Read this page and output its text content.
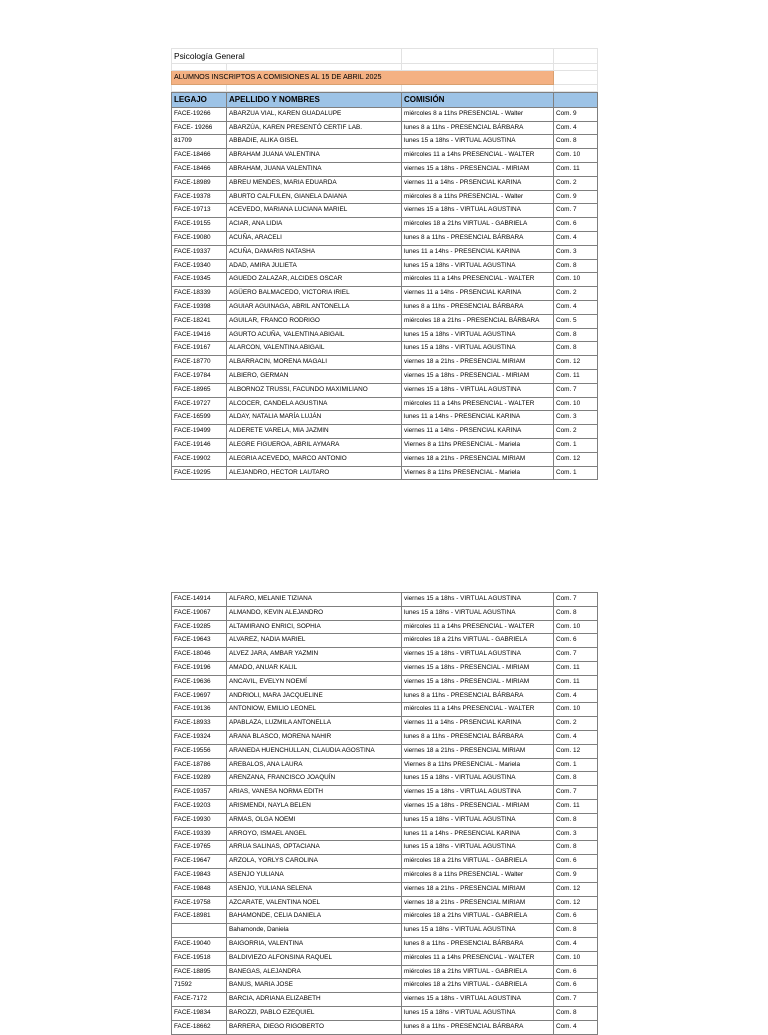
Psicología General			

ALUMNOS INSCRIPTOS A COMISIONES AL 15 DE ABRIL 2025			

LEGAJO	APELLIDO Y NOMBRES	COMISIÓN	
FACE-19266	ABARZUA VIAL, KAREN GUADALUPE	miércoles 8 a 11hs PRESENCIAL - Walter	Com. 9
FACE- 19266	ABARZÚA, KAREN PRESENTÓ CERTIF LAB.	lunes 8 a 11hs - PRESENCIAL BÁRBARA	Com. 4
81709	ABBADIE, ALIKA GISEL	lunes 15 a 18hs - VIRTUAL AGUSTINA	Com. 8
FACE-18466	ABRAHAM JUANA VALENTINA	miércoles 11 a 14hs PRESENCIAL - WALTER	Com. 10
FACE-18466	ABRAHAM, JUANA VALENTINA	viernes 15 a 18hs - PRESENCIAL - MIRIAM	Com. 11
FACE-18989	ABREU MENDES, MARIA EDUARDA	viernes 11 a 14hs - PRSENCIAL KARINA	Com. 2
FACE-19378	ABURTO CALFULEN, GIANELA DAIANA	miércoles 8 a 11hs PRESENCIAL - Walter	Com. 9
FACE-19713	ACEVEDO, MARIANA LUCIANA MARIEL	viernes 15 a 18hs - VIRTUAL AGUSTINA	Com. 7
FACE-19155	ACIAR, ANA LIDIA	miércoles 18 a 21hs VIRTUAL - GABRIELA	Com. 6
FACE-19080	ACUÑA, ARACELI	lunes 8 a 11hs - PRESENCIAL BÁRBARA	Com. 4
FACE-19337	ACUÑA, DAMARIS NATASHA	lunes 11 a 14hs - PRESENCIAL KARINA	Com. 3
FACE-19340	ADAD, AMIRA JULIETA	lunes 15 a 18hs - VIRTUAL AGUSTINA	Com. 8
FACE-19345	AGUEDO ZALAZAR, ALCIDES OSCAR	miércoles 11 a 14hs PRESENCIAL - WALTER	Com. 10
FACE-18339	AGÜERO BALMACEDO, VICTORIA IRIEL	viernes 11 a 14hs - PRSENCIAL KARINA	Com. 2
FACE-19398	AGUIAR AGUINAGA, ABRIL ANTONELLA	lunes 8 a 11hs - PRESENCIAL BÁRBARA	Com. 4
FACE-18241	AGUILAR, FRANCO RODRIGO	miércoles 18 a 21hs - PRESENCIAL BÁRBARA	Com. 5
FACE-19416	AGURTO ACUÑA, VALENTINA ABIGAIL	lunes 15 a 18hs - VIRTUAL AGUSTINA	Com. 8
FACE-19167	ALARCON, VALENTINA ABIGAIL	lunes 15 a 18hs - VIRTUAL AGUSTINA	Com. 8
FACE-18770	ALBARRACIN, MORENA MAGALI	viernes 18 a 21hs - PRESENCIAL MIRIAM	Com. 12
FACE-19784	ALBIERO, GERMAN	viernes 15 a 18hs - PRESENCIAL - MIRIAM	Com. 11
FACE-18965	ALBORNOZ TRUSSI, FACUNDO MAXIMILIANO	viernes 15 a 18hs - VIRTUAL AGUSTINA	Com. 7
FACE-19727	ALCOCER, CANDELA AGUSTINA	miércoles 11 a 14hs PRESENCIAL - WALTER	Com. 10
FACE-16599	ALDAY, NATALIA MARÍA LUJÁN	lunes 11 a 14hs - PRESENCIAL KARINA	Com. 3
FACE-19499	ALDERETE VARELA, MIA JAZMIN	viernes 11 a 14hs - PRSENCIAL KARINA	Com. 2
FACE-19146	ALEGRE FIGUEROA, ABRIL AYMARA	Viernes 8 a 11hs PRESENCIAL - Mariela	Com. 1
FACE-19902	ALEGRIA ACEVEDO, MARCO ANTONIO	viernes 18 a 21hs - PRESENCIAL MIRIAM	Com. 12
FACE-19295	ALEJANDRO, HECTOR LAUTARO	Viernes 8 a 11hs PRESENCIAL - Mariela	Com. 1
FACE-14914	ALFARO, MELANIE TIZIANA	viernes 15 a 18hs - VIRTUAL AGUSTINA	Com. 7
FACE-19067	ALMANDO, KEVIN ALEJANDRO	lunes 15 a 18hs - VIRTUAL AGUSTINA	Com. 8
FACE-19285	ALTAMIRANO ENRICI, SOPHIA	miércoles 11 a 14hs PRESENCIAL - WALTER	Com. 10
FACE-19643	ALVAREZ, NADIA MARIEL	miércoles 18 a 21hs VIRTUAL - GABRIELA	Com. 6
FACE-18046	ALVEZ JARA, AMBAR YAZMIN	viernes 15 a 18hs - VIRTUAL AGUSTINA	Com. 7
FACE-19196	AMADO, ANUAR KALIL	viernes 15 a 18hs - PRESENCIAL - MIRIAM	Com. 11
FACE-19636	ANCAVIL, EVELYN NOEMÍ	viernes 15 a 18hs - PRESENCIAL - MIRIAM	Com. 11
FACE-19697	ANDRIOLI, MARA JACQUELINE	lunes 8 a 11hs - PRESENCIAL BÁRBARA	Com. 4
FACE-19136	ANTONIOW, EMILIO LEONEL	miércoles 11 a 14hs PRESENCIAL - WALTER	Com. 10
FACE-18933	APABLAZA, LUZMILA ANTONELLA	viernes 11 a 14hs - PRSENCIAL KARINA	Com. 2
FACE-19324	ARANA BLASCO, MORENA NAHIR	lunes 8 a 11hs - PRESENCIAL BÁRBARA	Com. 4
FACE-19556	ARANEDA HUENCHULLAN, CLAUDIA AGOSTINA	viernes 18 a 21hs - PRESENCIAL MIRIAM	Com. 12
FACE-18786	AREBALOS, ANA LAURA	Viernes 8 a 11hs PRESENCIAL - Mariela	Com. 1
FACE-19289	ARENZANA, FRANCISCO JOAQUÍN	lunes 15 a 18hs - VIRTUAL AGUSTINA	Com. 8
FACE-19357	ARIAS, VANESA NORMA EDITH	viernes 15 a 18hs - VIRTUAL AGUSTINA	Com. 7
FACE-19203	ARISMENDI, NAYLA BELEN	viernes 15 a 18hs - PRESENCIAL - MIRIAM	Com. 11
FACE-19930	ARMAS, OLGA NOEMI	lunes 15 a 18hs - VIRTUAL AGUSTINA	Com. 8
FACE-19339	ARROYO, ISMAEL ANGEL	lunes 11 a 14hs - PRESENCIAL KARINA	Com. 3
FACE-19765	ARRUA SALINAS, OPTACIANA	lunes 15 a 18hs - VIRTUAL AGUSTINA	Com. 8
FACE-19647	ARZOLA, YORLYS CAROLINA	miércoles 18 a 21hs VIRTUAL - GABRIELA	Com. 6
FACE-19843	ASENJO YULIANA	miércoles 8 a 11hs PRESENCIAL - Walter	Com. 9
FACE-19848	ASENJO, YULIANA SELENA	viernes 18 a 21hs - PRESENCIAL MIRIAM	Com. 12
FACE-19758	AZCARATE, VALENTINA NOEL	viernes 18 a 21hs - PRESENCIAL MIRIAM	Com. 12
FACE-18981	BAHAMONDE, CELIA DANIELA	miércoles 18 a 21hs VIRTUAL - GABRIELA	Com. 6
	Bahamonde, Daniela	lunes 15 a 18hs - VIRTUAL AGUSTINA	Com. 8
FACE-19040	BAIGORRIA, VALENTINA	lunes 8 a 11hs - PRESENCIAL BÁRBARA	Com. 4
FACE-19518	BALDIVIEZO ALFONSINA RAQUEL	miércoles 11 a 14hs PRESENCIAL - WALTER	Com. 10
FACE-18895	BANEGAS, ALEJANDRA	miércoles 18 a 21hs VIRTUAL - GABRIELA	Com. 6
71592	BANUS, MARIA JOSE	miércoles 18 a 21hs VIRTUAL - GABRIELA	Com. 6
FACE-7172	BARCIA, ADRIANA ELIZABETH	viernes 15 a 18hs - VIRTUAL AGUSTINA	Com. 7
FACE-19834	BAROZZI, PABLO EZEQUIEL	lunes 15 a 18hs - VIRTUAL AGUSTINA	Com. 8
FACE-18662	BARRERA, DIEGO RIGOBERTO	lunes 8 a 11hs - PRESENCIAL BÁRBARA	Com. 4
